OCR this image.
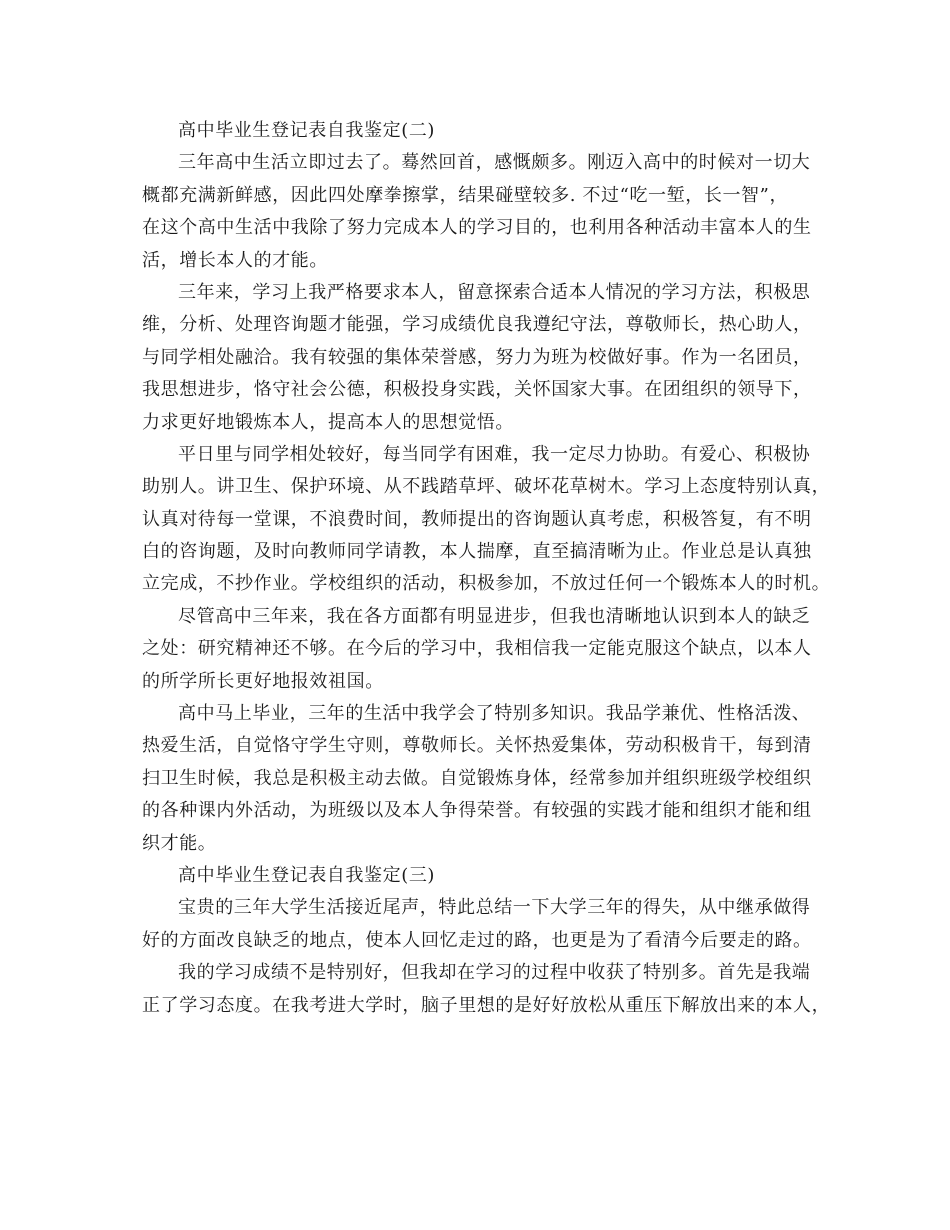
高中毕业生登记表自我鉴定(二)
三年高中生活立即过去了。蓦然回首，感慨颇多。刚迈入高中的时候对一切大
概都充满新鲜感，因此四处摩拳擦掌，结果碰壁较多. 不过“吃一堑，长一智”，
在这个高中生活中我除了努力完成本人的学习目的，也利用各种活动丰富本人的生
活，增长本人的才能。
三年来，学习上我严格要求本人，留意探索合适本人情况的学习方法，积极思
维，分析、处理咨询题才能强，学习成绩优良我遵纪守法，尊敬师长，热心助人，
与同学相处融洽。我有较强的集体荣誉感，努力为班为校做好事。作为一名团员，
我思想进步，恪守社会公德，积极投身实践，关怀国家大事。在团组织的领导下，
力求更好地锻炼本人，提高本人的思想觉悟。
平日里与同学相处较好，每当同学有困难，我一定尽力协助。有爱心、积极协
助别人。讲卫生、保护环境、从不践踏草坪、破坏花草树木。学习上态度特别认真，
认真对待每一堂课，不浪费时间，教师提出的咨询题认真考虑，积极答复，有不明
白的咨询题，及时向教师同学请教，本人揣摩，直至搞清晰为止。作业总是认真独
立完成，不抄作业。学校组织的活动，积极参加，不放过任何一个锻炼本人的时机。
尽管高中三年来，我在各方面都有明显进步，但我也清晰地认识到本人的缺乏
之处：研究精神还不够。在今后的学习中，我相信我一定能克服这个缺点，以本人
的所学所长更好地报效祖国。
高中马上毕业，三年的生活中我学会了特别多知识。我品学兼优、性格活泼、
热爱生活，自觉恪守学生守则，尊敬师长。关怀热爱集体，劳动积极肯干，每到清
扫卫生时候，我总是积极主动去做。自觉锻炼身体，经常参加并组织班级学校组织
的各种课内外活动，为班级以及本人争得荣誉。有较强的实践才能和组织才能和组
织才能。
高中毕业生登记表自我鉴定(三)
宝贵的三年大学生活接近尾声，特此总结一下大学三年的得失，从中继承做得
好的方面改良缺乏的地点，使本人回忆走过的路，也更是为了看清今后要走的路。
我的学习成绩不是特别好，但我却在学习的过程中收获了特别多。首先是我端
正了学习态度。在我考进大学时，脑子里想的是好好放松从重压下解放出来的本人，
